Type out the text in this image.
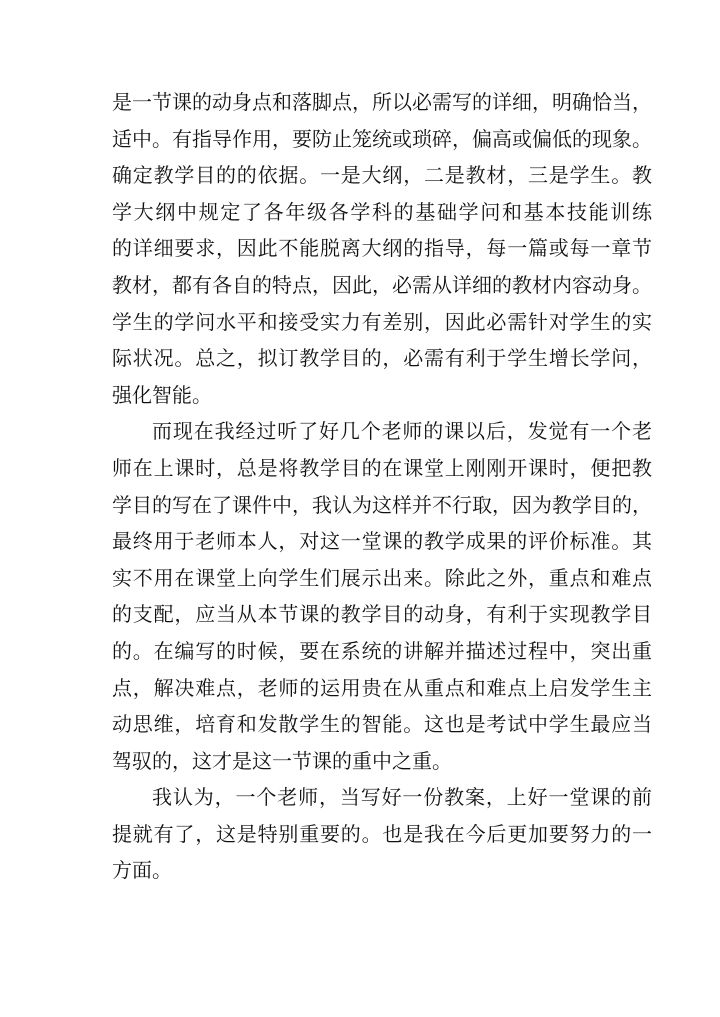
是一节课的动身点和落脚点，所以必需写的详细，明确恰当，
适中。有指导作用，要防止笼统或琐碎，偏高或偏低的现象。
确定教学目的的依据。一是大纲，二是教材，三是学生。教
学大纲中规定了各年级各学科的基础学问和基本技能训练
的详细要求，因此不能脱离大纲的指导，每一篇或每一章节
教材，都有各自的特点，因此，必需从详细的教材内容动身。
学生的学问水平和接受实力有差别，因此必需针对学生的实
际状况。总之，拟订教学目的，必需有利于学生增长学问，
强化智能。
而现在我经过听了好几个老师的课以后，发觉有一个老
师在上课时，总是将教学目的在课堂上刚刚开课时，便把教
学目的写在了课件中，我认为这样并不行取，因为教学目的，
最终用于老师本人，对这一堂课的教学成果的评价标准。其
实不用在课堂上向学生们展示出来。除此之外，重点和难点
的支配，应当从本节课的教学目的动身，有利于实现教学目
的。在编写的时候，要在系统的讲解并描述过程中，突出重
点，解决难点，老师的运用贵在从重点和难点上启发学生主
动思维，培育和发散学生的智能。这也是考试中学生最应当
驾驭的，这才是这一节课的重中之重。
我认为，一个老师，当写好一份教案，上好一堂课的前
提就有了，这是特别重要的。也是我在今后更加要努力的一
方面。
